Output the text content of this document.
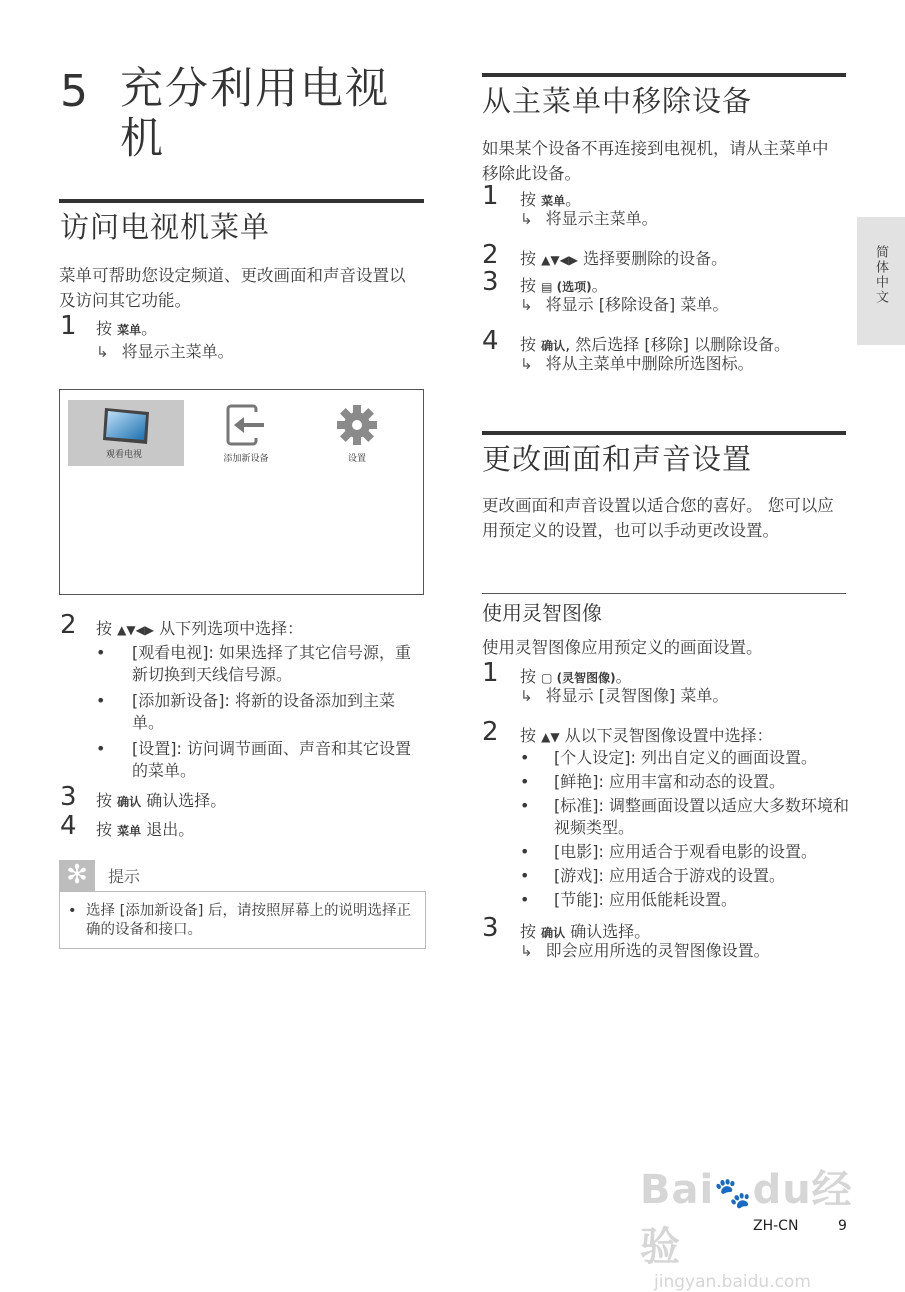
5 充分利用电视机
访问电视机菜单
菜单可帮助您设定频道、更改画面和声音设置以及访问其它功能。
1 按 菜单。
↳ 将显示主菜单。
观看电视	添加新设备	设置
2 按 ▲▼◀▶ 从下列选项中选择：
•	[观看电视]: 如果选择了其它信号源，重新切换到天线信号源。
•	[添加新设备]: 将新的设备添加到主菜单。
•	[设置]: 访问调节画面、声音和其它设置的菜单。
3 按 确认 确认选择。
4 按 菜单 退出。
✻	提示
• 选择 [添加新设备] 后，请按照屏幕上的说明选择正确的设备和接口。
从主菜单中移除设备
如果某个设备不再连接到电视机，请从主菜单中移除此设备。
1	按 菜单。
↳ 将显示主菜单。
2	按 ▲▼◀▶ 选择要删除的设备。
3	按 ▤ (选项)。
↳ 将显示 [移除设备] 菜单。
4	按 确认, 然后选择 [移除] 以删除设备。
↳ 将从主菜单中删除所选图标。
更改画面和声音设置
更改画面和声音设置以适合您的喜好。 您可以应用预定义的设置，也可以手动更改设置。
使用灵智图像
使用灵智图像应用预定义的画面设置。
1	按 ▢ (灵智图像)。
↳ 将显示 [灵智图像] 菜单。
2	按 ▲▼ 从以下灵智图像设置中选择：
•	[个人设定]: 列出自定义的画面设置。
•	[鲜艳]: 应用丰富和动态的设置。
•	[标准]: 调整画面设置以适应大多数环境和视频类型。
•	[电影]: 应用适合于观看电影的设置。
•	[游戏]: 应用适合于游戏的设置。
•	[节能]: 应用低能耗设置。
3	按 确认 确认选择。
↳ 即会应用所选的灵智图像设置。
简体中文
Bai🐾du经验
jingyan.baidu.com
ZH-CN	9
